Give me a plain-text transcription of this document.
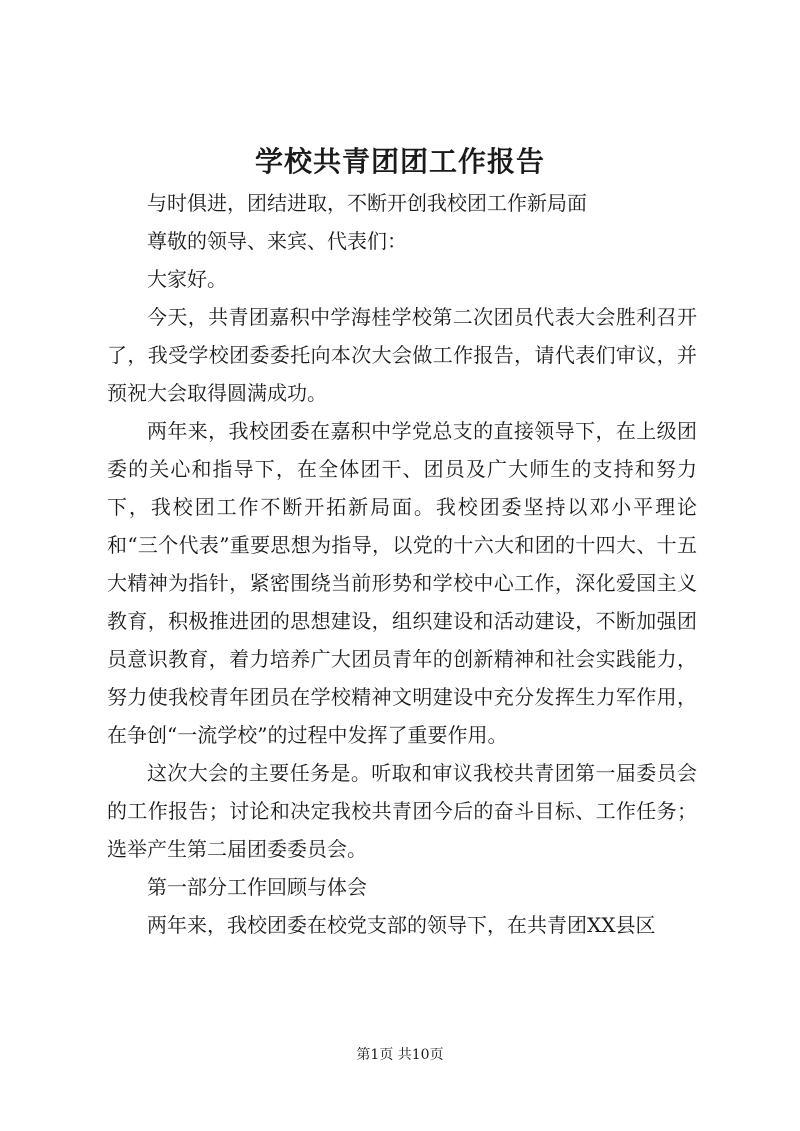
学校共青团团工作报告

与时俱进，团结进取，不断开创我校团工作新局面

尊敬的领导、来宾、代表们：

大家好。

今天，共青团嘉积中学海桂学校第二次团员代表大会胜利召开了，我受学校团委委托向本次大会做工作报告，请代表们审议，并预祝大会取得圆满成功。

两年来，我校团委在嘉积中学党总支的直接领导下，在上级团委的关心和指导下，在全体团干、团员及广大师生的支持和努力下，我校团工作不断开拓新局面。我校团委坚持以邓小平理论和“三个代表”重要思想为指导，以党的十六大和团的十四大、十五大精神为指针，紧密围绕当前形势和学校中心工作，深化爱国主义教育，积极推进团的思想建设，组织建设和活动建设，不断加强团员意识教育，着力培养广大团员青年的创新精神和社会实践能力，努力使我校青年团员在学校精神文明建设中充分发挥生力军作用，在争创“一流学校”的过程中发挥了重要作用。

这次大会的主要任务是。听取和审议我校共青团第一届委员会的工作报告；讨论和决定我校共青团今后的奋斗目标、工作任务；选举产生第二届团委委员会。

第一部分工作回顾与体会

两年来，我校团委在校党支部的领导下，在共青团XX县区

第1页 共10页
